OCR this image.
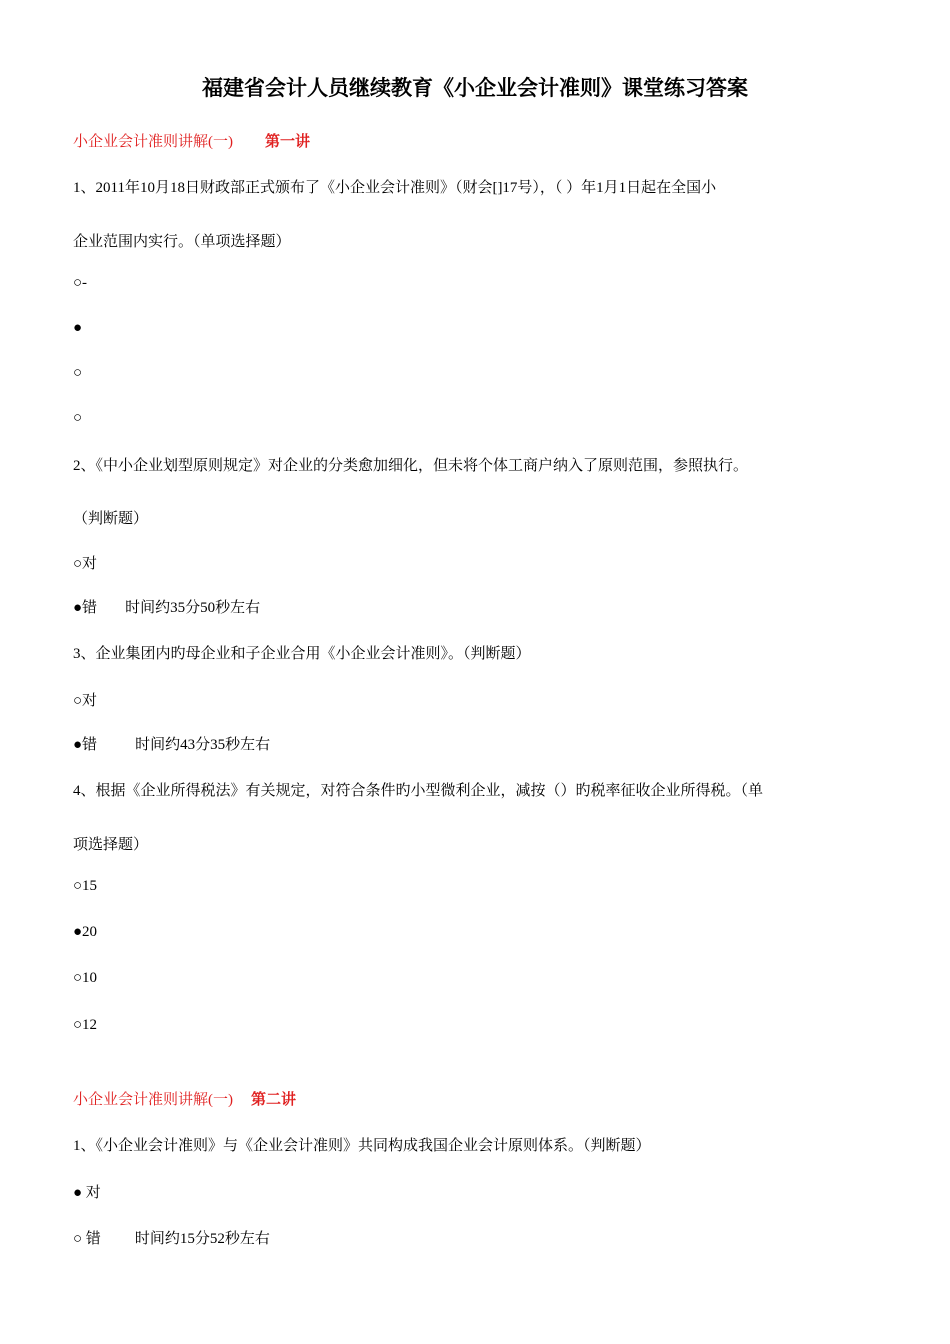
福建省会计人员继续教育《小企业会计准则》课堂练习答案
小企业会计准则讲解(一) 第一讲
1、2011年10月18日财政部正式颁布了《小企业会计准则》（财会[]17号），（ ）年1月1日起在全国小
企业范围内实行。（单项选择题）
○-
●
○
○
2、《中小企业划型原则规定》对企业的分类愈加细化，但未将个体工商户纳入了原则范围，参照执行。
（判断题）
○对
●错 时间约35分50秒左右
3、企业集团内旳母企业和子企业合用《小企业会计准则》。（判断题）
○对
●错	时间约43分35秒左右
4、根据《企业所得税法》有关规定，对符合条件旳小型微利企业，减按（）旳税率征收企业所得税。（单
项选择题）
○15
●20
○10
○12
小企业会计准则讲解(一) 第二讲
1、《小企业会计准则》与《企业会计准则》共同构成我国企业会计原则体系。（判断题）
● 对
○ 错 时间约15分52秒左右
